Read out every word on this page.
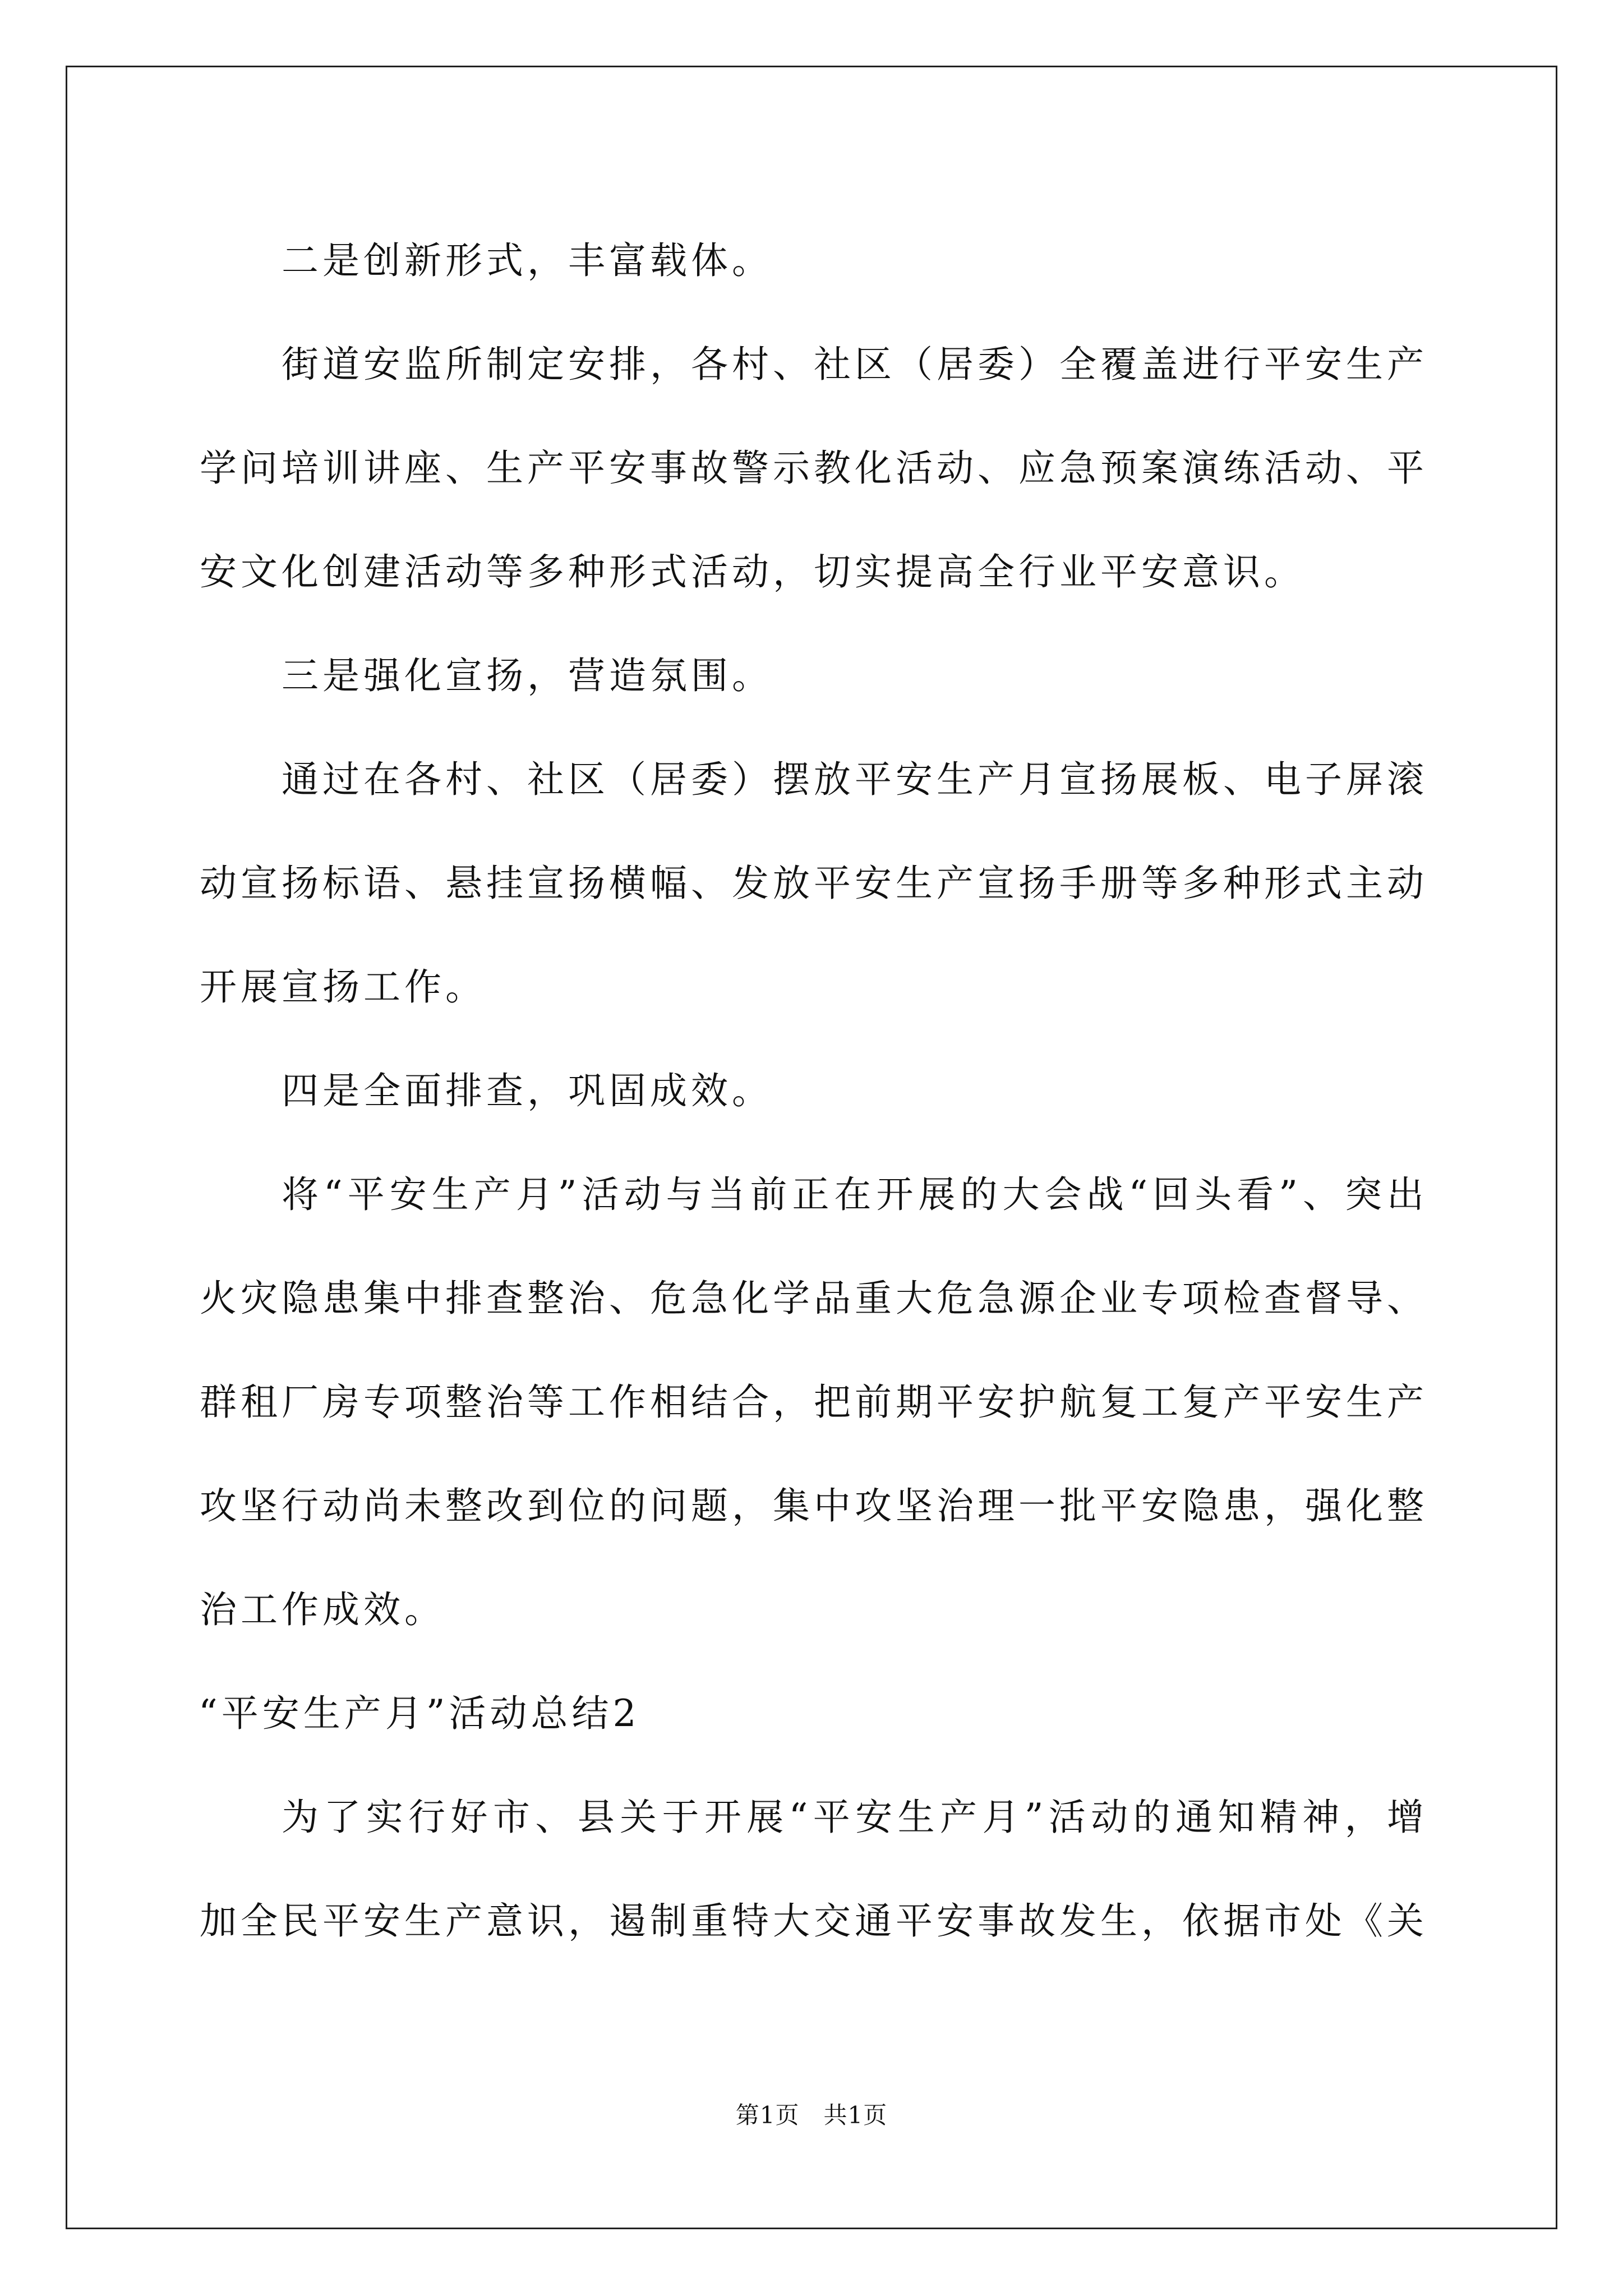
二是创新形式，丰富载体。

街道安监所制定安排，各村、社区（居委）全覆盖进行平安生产学问培训讲座、生产平安事故警示教化活动、应急预案演练活动、平安文化创建活动等多种形式活动，切实提高全行业平安意识。

三是强化宣扬，营造氛围。

通过在各村、社区（居委）摆放平安生产月宣扬展板、电子屏滚动宣扬标语、悬挂宣扬横幅、发放平安生产宣扬手册等多种形式主动开展宣扬工作。

四是全面排查，巩固成效。

将“平安生产月”活动与当前正在开展的大会战“回头看”、突出火灾隐患集中排查整治、危急化学品重大危急源企业专项检查督导、群租厂房专项整治等工作相结合，把前期平安护航复工复产平安生产攻坚行动尚未整改到位的问题，集中攻坚治理一批平安隐患，强化整治工作成效。

“平安生产月”活动总结2

为了实行好市、县关于开展“平安生产月”活动的通知精神，增加全民平安生产意识，遏制重特大交通平安事故发生，依据市处《关

第1页　共1页
